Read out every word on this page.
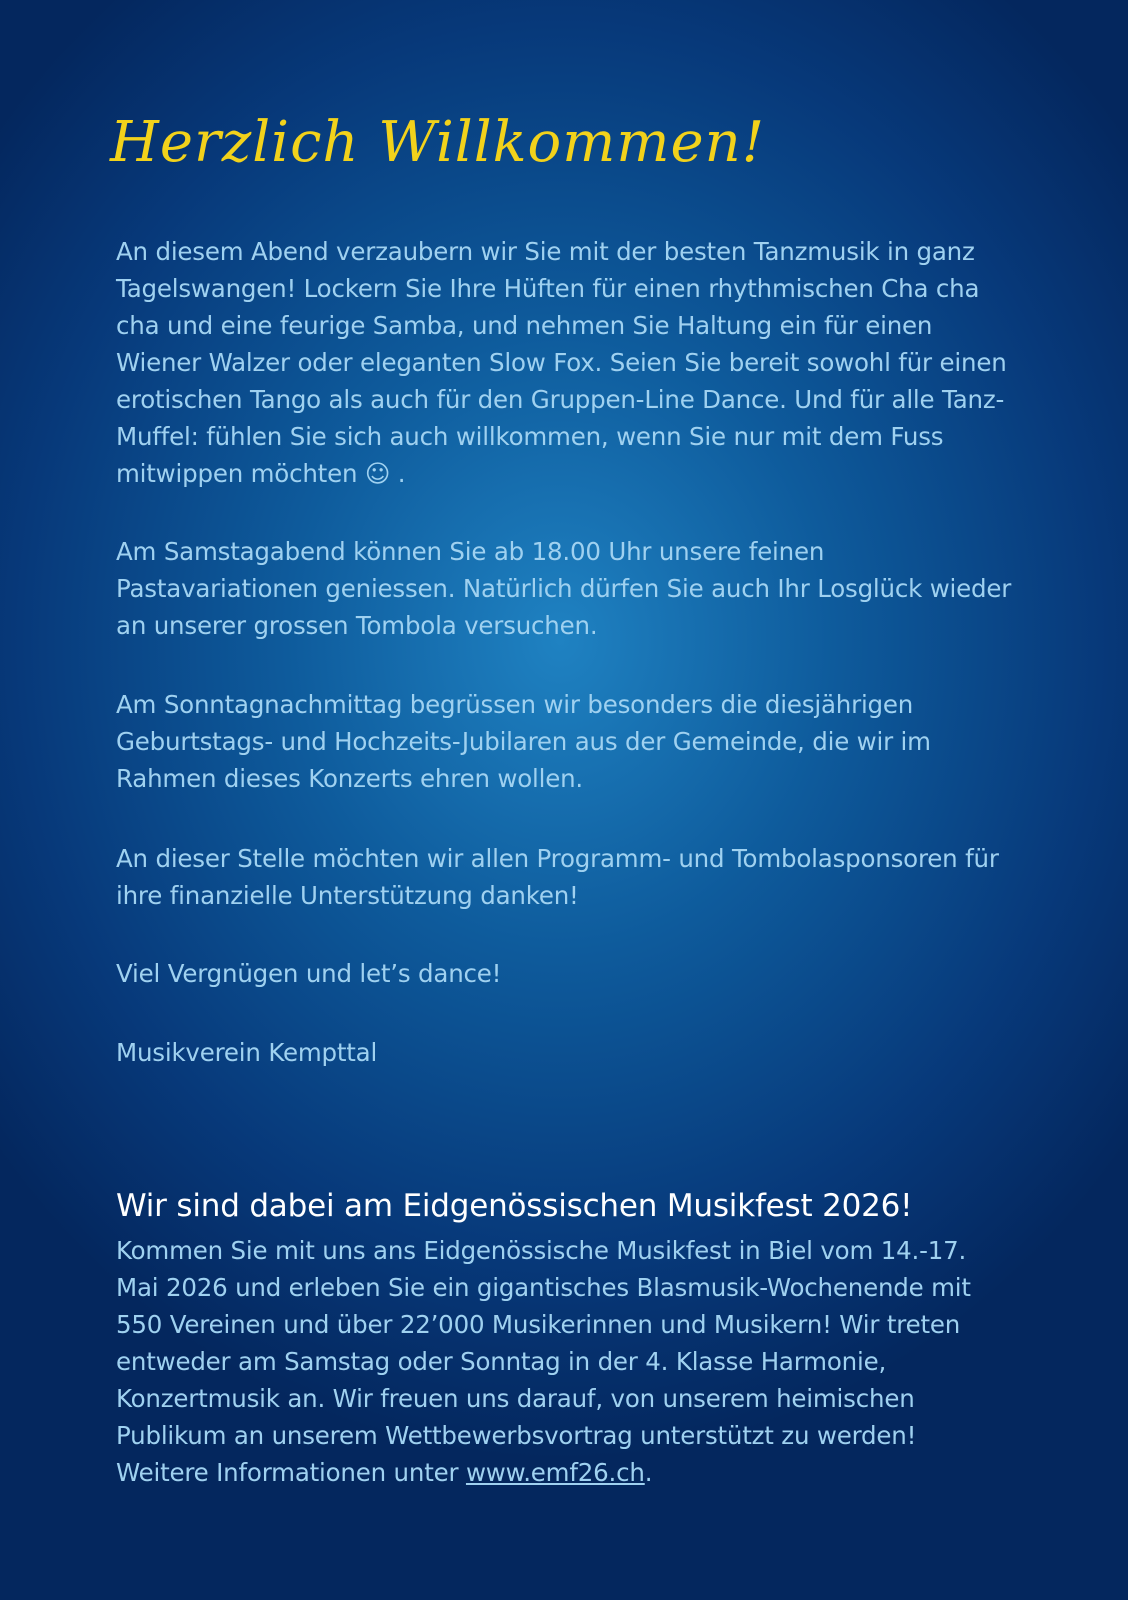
Herzlich Willkommen!

An diesem Abend verzaubern wir Sie mit der besten Tanzmusik in ganz Tagelswangen! Lockern Sie Ihre Hüften für einen rhythmischen Cha cha cha und eine feurige Samba, und nehmen Sie Haltung ein für einen Wiener Walzer oder eleganten Slow Fox. Seien Sie bereit sowohl für einen erotischen Tango als auch für den Gruppen-Line Dance. Und für alle Tanz-Muffel: fühlen Sie sich auch willkommen, wenn Sie nur mit dem Fuss mitwippen möchten ☺ .

Am Samstagabend können Sie ab 18.00 Uhr unsere feinen Pastavariationen geniessen. Natürlich dürfen Sie auch Ihr Losglück wieder an unserer grossen Tombola versuchen.

Am Sonntagnachmittag begrüssen wir besonders die diesjährigen Geburtstags- und Hochzeits-Jubilaren aus der Gemeinde, die wir im Rahmen dieses Konzerts ehren wollen.

An dieser Stelle möchten wir allen Programm- und Tombolasponsoren für ihre finanzielle Unterstützung danken!

Viel Vergnügen und let’s dance!

Musikverein Kempttal

Wir sind dabei am Eidgenössischen Musikfest 2026!

Kommen Sie mit uns ans Eidgenössische Musikfest in Biel vom 14.-17. Mai 2026 und erleben Sie ein gigantisches Blasmusik-Wochenende mit 550 Vereinen und über 22’000 Musikerinnen und Musikern! Wir treten entweder am Samstag oder Sonntag in der 4. Klasse Harmonie, Konzertmusik an. Wir freuen uns darauf, von unserem heimischen Publikum an unserem Wettbewerbsvortrag unterstützt zu werden! Weitere Informationen unter www.emf26.ch.
